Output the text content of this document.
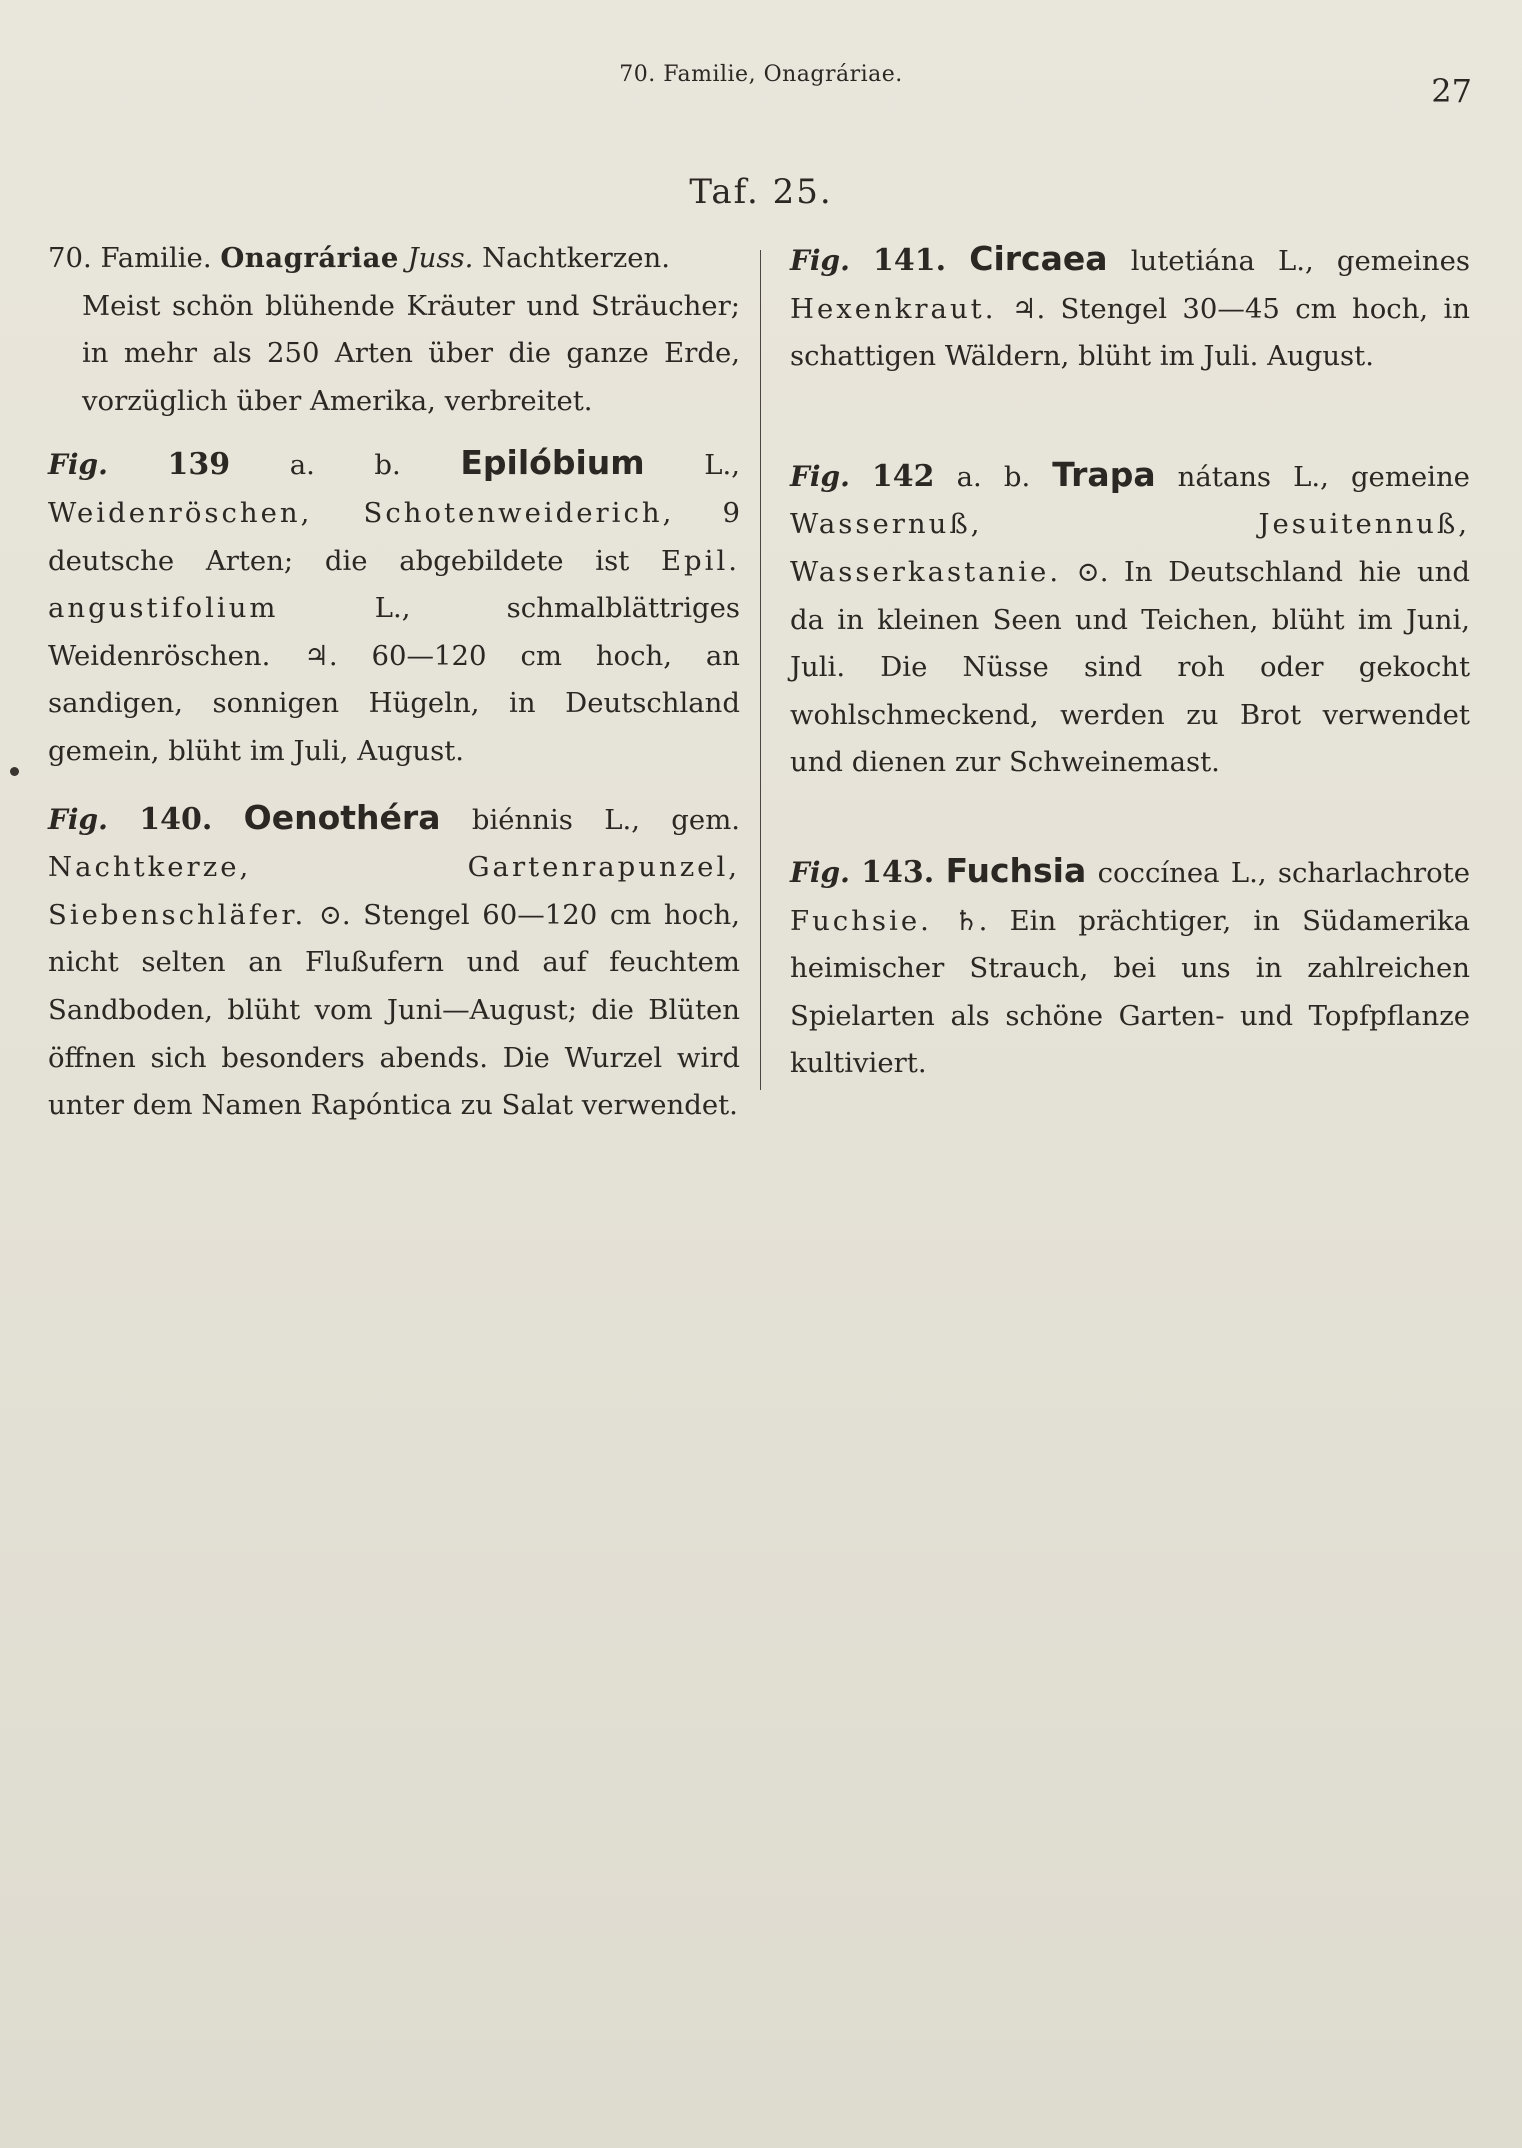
70. Familie, Onagráriae.	27
Taf. 25.

70. Familie. Onagráriae Juss. Nachtkerzen.

Meist schön blühende Kräuter und Sträucher; in mehr als 250 Arten über die ganze Erde, vorzüglich über Amerika, verbreitet.

Fig. 139 a. b. Epilóbium L., Weidenröschen, Schotenweiderich, 9 deutsche Arten; die abgebildete ist Epil. angustifolium	L., schmalblättriges Weidenröschen. ♃. 60—120 cm hoch, an sandigen, sonnigen Hügeln, in Deutschland gemein, blüht im Juli, August.

Fig. 140. Oenothéra biénnis L., gem. Nachtkerze, Gartenrapunzel, Siebenschläfer. ⊙. Stengel 60—120 cm hoch, nicht selten an Flußufern und auf feuchtem Sandboden, blüht vom Juni—August; die Blüten öffnen sich besonders abends. Die Wurzel wird unter dem Namen Rapóntica zu Salat verwendet.

Fig. 141. Circaea lutetiána L., gemeines Hexenkraut. ♃. Stengel 30—45 cm hoch, in schattigen Wäldern, blüht im Juli. August.

Fig. 142 a. b. Trapa nátans L., gemeine Wassernuß, Jesuitennuß, Wasserkastanie. ⊙. In Deutschland hie und da in kleinen Seen und Teichen, blüht im Juni, Juli. Die Nüsse sind roh oder gekocht wohlschmeckend, werden zu Brot verwendet und dienen zur Schweinemast.

Fig. 143. Fuchsia coccínea L., scharlachrote Fuchsie. ♄. Ein prächtiger, in Südamerika heimischer Strauch, bei uns in zahlreichen Spielarten als schöne Garten- und Topfpflanze kultiviert.
